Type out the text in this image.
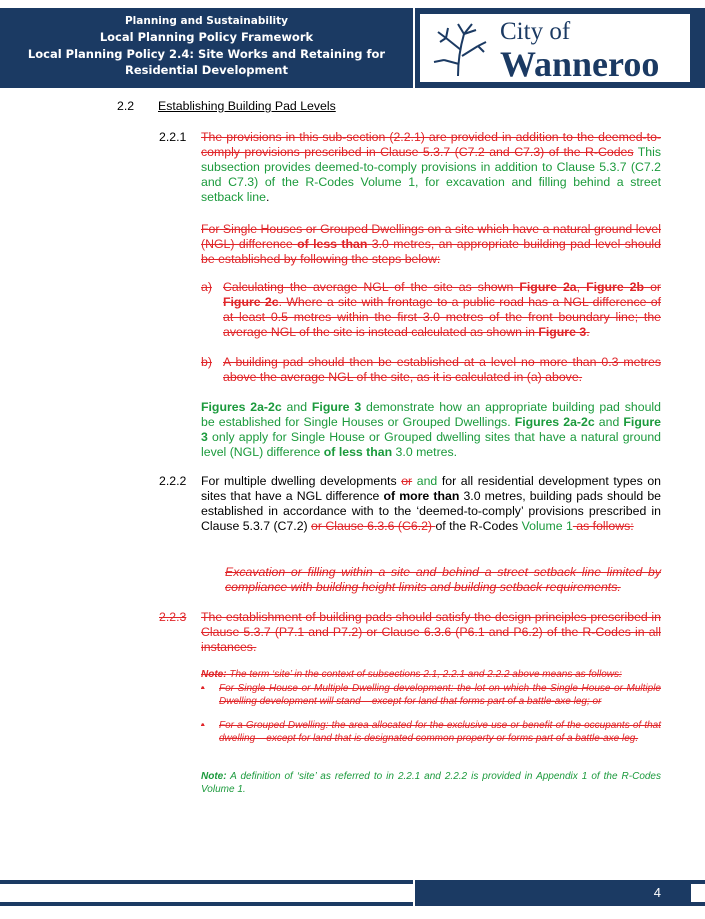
Planning and Sustainability
Local Planning Policy Framework
Local Planning Policy 2.4: Site Works and Retaining for Residential Development
City of
Wanneroo
2.2 Establishing Building Pad Levels
2.2.1 The provisions in this sub-section (2.2.1) are provided in addition to the deemed-to-comply provisions prescribed in Clause 5.3.7 (C7.2 and C7.3) of the R-Codes This subsection provides deemed-to-comply provisions in addition to Clause 5.3.7 (C7.2 and C7.3) of the R-Codes Volume 1, for excavation and filling behind a street setback line.
For Single Houses or Grouped Dwellings on a site which have a natural ground level (NGL) difference of less than 3.0 metres, an appropriate building pad level should be established by following the steps below:
a) Calculating the average NGL of the site as shown Figure 2a, Figure 2b or Figure 2c. Where a site with frontage to a public road has a NGL difference of at least 0.5 metres within the first 3.0 metres of the front boundary line; the average NGL of the site is instead calculated as shown in Figure 3.
b) A building pad should then be established at a level no more than 0.3 metres above the average NGL of the site, as it is calculated in (a) above.
Figures 2a-2c and Figure 3 demonstrate how an appropriate building pad should be established for Single Houses or Grouped Dwellings. Figures 2a-2c and Figure 3 only apply for Single House or Grouped dwelling sites that have a natural ground level (NGL) difference of less than 3.0 metres.
2.2.2 For multiple dwelling developments or and for all residential development types on sites that have a NGL difference of more than 3.0 metres, building pads should be established in accordance with to the ‘deemed-to-comply’ provisions prescribed in Clause 5.3.7 (C7.2) or Clause 6.3.6 (C6.2) of the R-Codes Volume 1 as follows:
Excavation or filling within a site and behind a street setback line limited by compliance with building height limits and building setback requirements.
2.2.3 The establishment of building pads should satisfy the design principles prescribed in Clause 5.3.7 (P7.1 and P7.2) or Clause 6.3.6 (P6.1 and P6.2) of the R-Codes in all instances.
Note: The term ‘site’ in the context of subsections 2.1, 2.2.1 and 2.2.2 above means as follows:
• For Single House or Multiple Dwelling development: the lot on which the Single House or Multiple Dwelling development will stand – except for land that forms part of a battle-axe leg; or
• For a Grouped Dwelling: the area allocated for the exclusive use or benefit of the occupants of that dwelling – except for land that is designated common property or forms part of a battle-axe leg.
Note: A definition of ‘site’ as referred to in 2.2.1 and 2.2.2 is provided in Appendix 1 of the R-Codes Volume 1.
4
